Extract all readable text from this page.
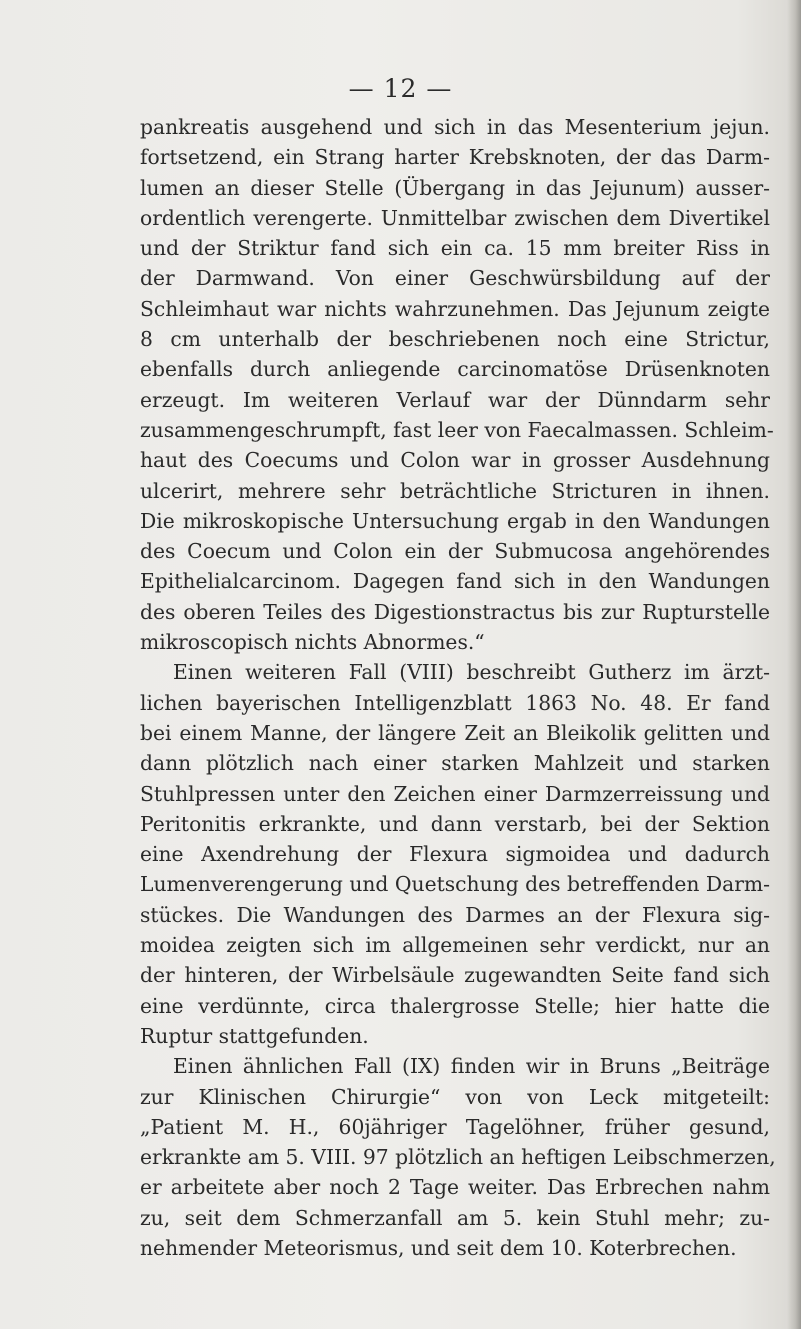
— 12 —
pankreatis ausgehend und sich in das Mesenterium jejun.
fortsetzend, ein Strang harter Krebsknoten, der das Darm-
lumen an dieser Stelle (Übergang in das Jejunum) ausser-
ordentlich verengerte. Unmittelbar zwischen dem Divertikel
und der Striktur fand sich ein ca. 15 mm breiter Riss in
der Darmwand. Von einer Geschwürsbildung auf der
Schleimhaut war nichts wahrzunehmen. Das Jejunum zeigte
8 cm unterhalb der beschriebenen noch eine Strictur,
ebenfalls durch anliegende carcinomatöse Drüsenknoten
erzeugt. Im weiteren Verlauf war der Dünndarm sehr
zusammengeschrumpft, fast leer von Faecalmassen. Schleim-
haut des Coecums und Colon war in grosser Ausdehnung
ulcerirt, mehrere sehr beträchtliche Stricturen in ihnen.
Die mikroskopische Untersuchung ergab in den Wandungen
des Coecum und Colon ein der Submucosa angehörendes
Epithelialcarcinom. Dagegen fand sich in den Wandungen
des oberen Teiles des Digestionstractus bis zur Rupturstelle
mikroscopisch nichts Abnormes.“
Einen weiteren Fall (VIII) beschreibt Gutherz im ärzt-
lichen bayerischen Intelligenzblatt 1863 No. 48. Er fand
bei einem Manne, der längere Zeit an Bleikolik gelitten und
dann plötzlich nach einer starken Mahlzeit und starken
Stuhlpressen unter den Zeichen einer Darmzerreissung und
Peritonitis erkrankte, und dann verstarb, bei der Sektion
eine Axendrehung der Flexura sigmoidea und dadurch
Lumenverengerung und Quetschung des betreffenden Darm-
stückes. Die Wandungen des Darmes an der Flexura sig-
moidea zeigten sich im allgemeinen sehr verdickt, nur an
der hinteren, der Wirbelsäule zugewandten Seite fand sich
eine verdünnte, circa thalergrosse Stelle; hier hatte die
Ruptur stattgefunden.
Einen ähnlichen Fall (IX) finden wir in Bruns „Beiträge
zur Klinischen Chirurgie“ von von Leck mitgeteilt:
„Patient M. H., 60jähriger Tagelöhner, früher gesund,
erkrankte am 5. VIII. 97 plötzlich an heftigen Leibschmerzen,
er arbeitete aber noch 2 Tage weiter. Das Erbrechen nahm
zu, seit dem Schmerzanfall am 5. kein Stuhl mehr; zu-
nehmender Meteorismus, und seit dem 10. Koterbrechen.
